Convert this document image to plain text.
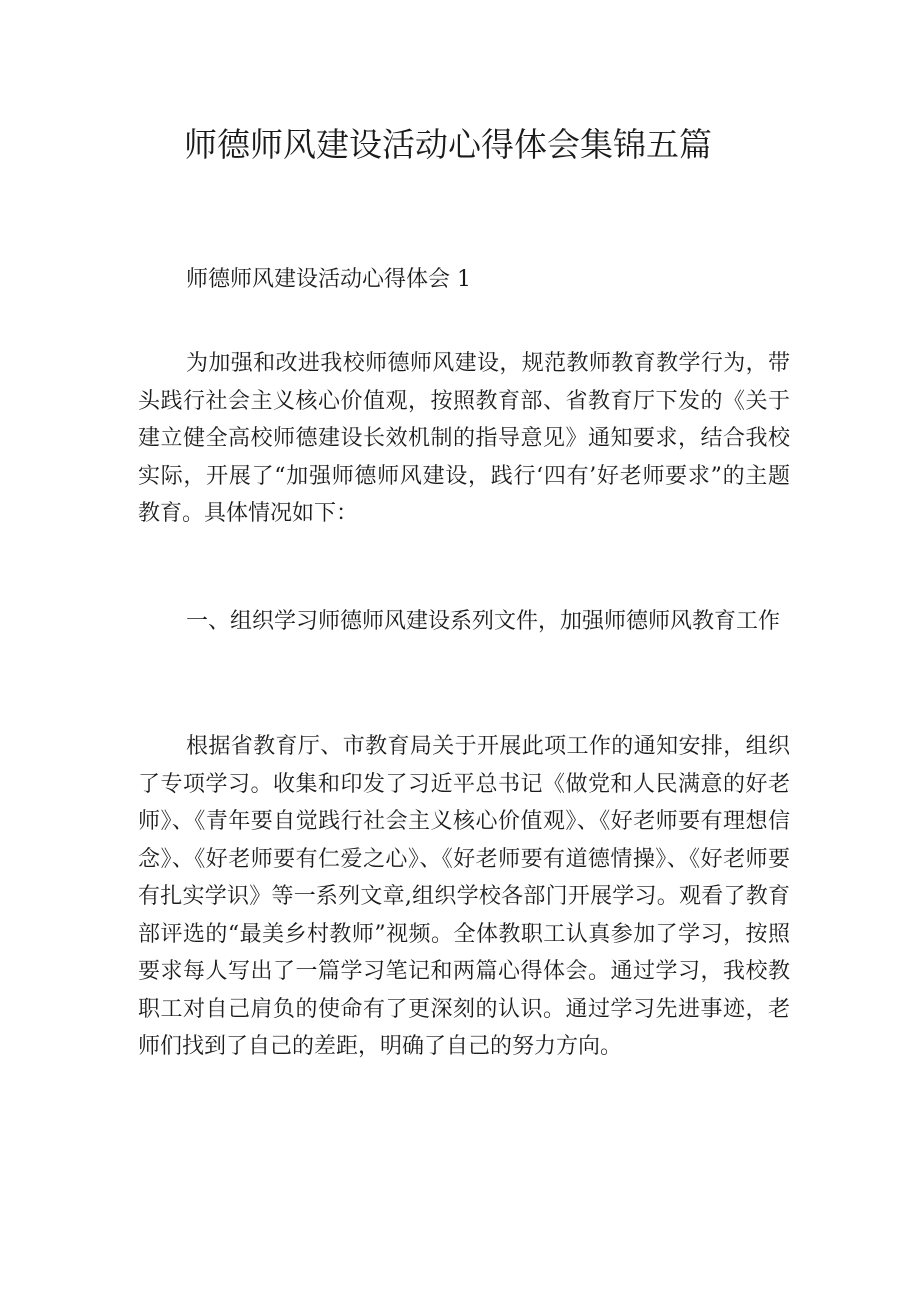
师德师风建设活动心得体会集锦五篇
师德师风建设活动心得体会 1

为加强和改进我校师德师风建设，规范教师教育教学行为，带头践行社会主义核心价值观，按照教育部、省教育厅下发的《关于建立健全高校师德建设长效机制的指导意见》通知要求，结合我校实际，开展了“加强师德师风建设，践行‘四有’好老师要求”的主题教育。具体情况如下：

一、组织学习师德师风建设系列文件，加强师德师风教育工作

根据省教育厅、市教育局关于开展此项工作的通知安排，组织了专项学习。收集和印发了习近平总书记《做党和人民满意的好老师》、《青年要自觉践行社会主义核心价值观》、《好老师要有理想信念》、《好老师要有仁爱之心》、《好老师要有道德情操》、《好老师要有扎实学识》等一系列文章,组织学校各部门开展学习。观看了教育部评选的“最美乡村教师”视频。全体教职工认真参加了学习，按照要求每人写出了一篇学习笔记和两篇心得体会。通过学习，我校教职工对自己肩负的使命有了更深刻的认识。通过学习先进事迹，老师们找到了自己的差距，明确了自己的努力方向。
